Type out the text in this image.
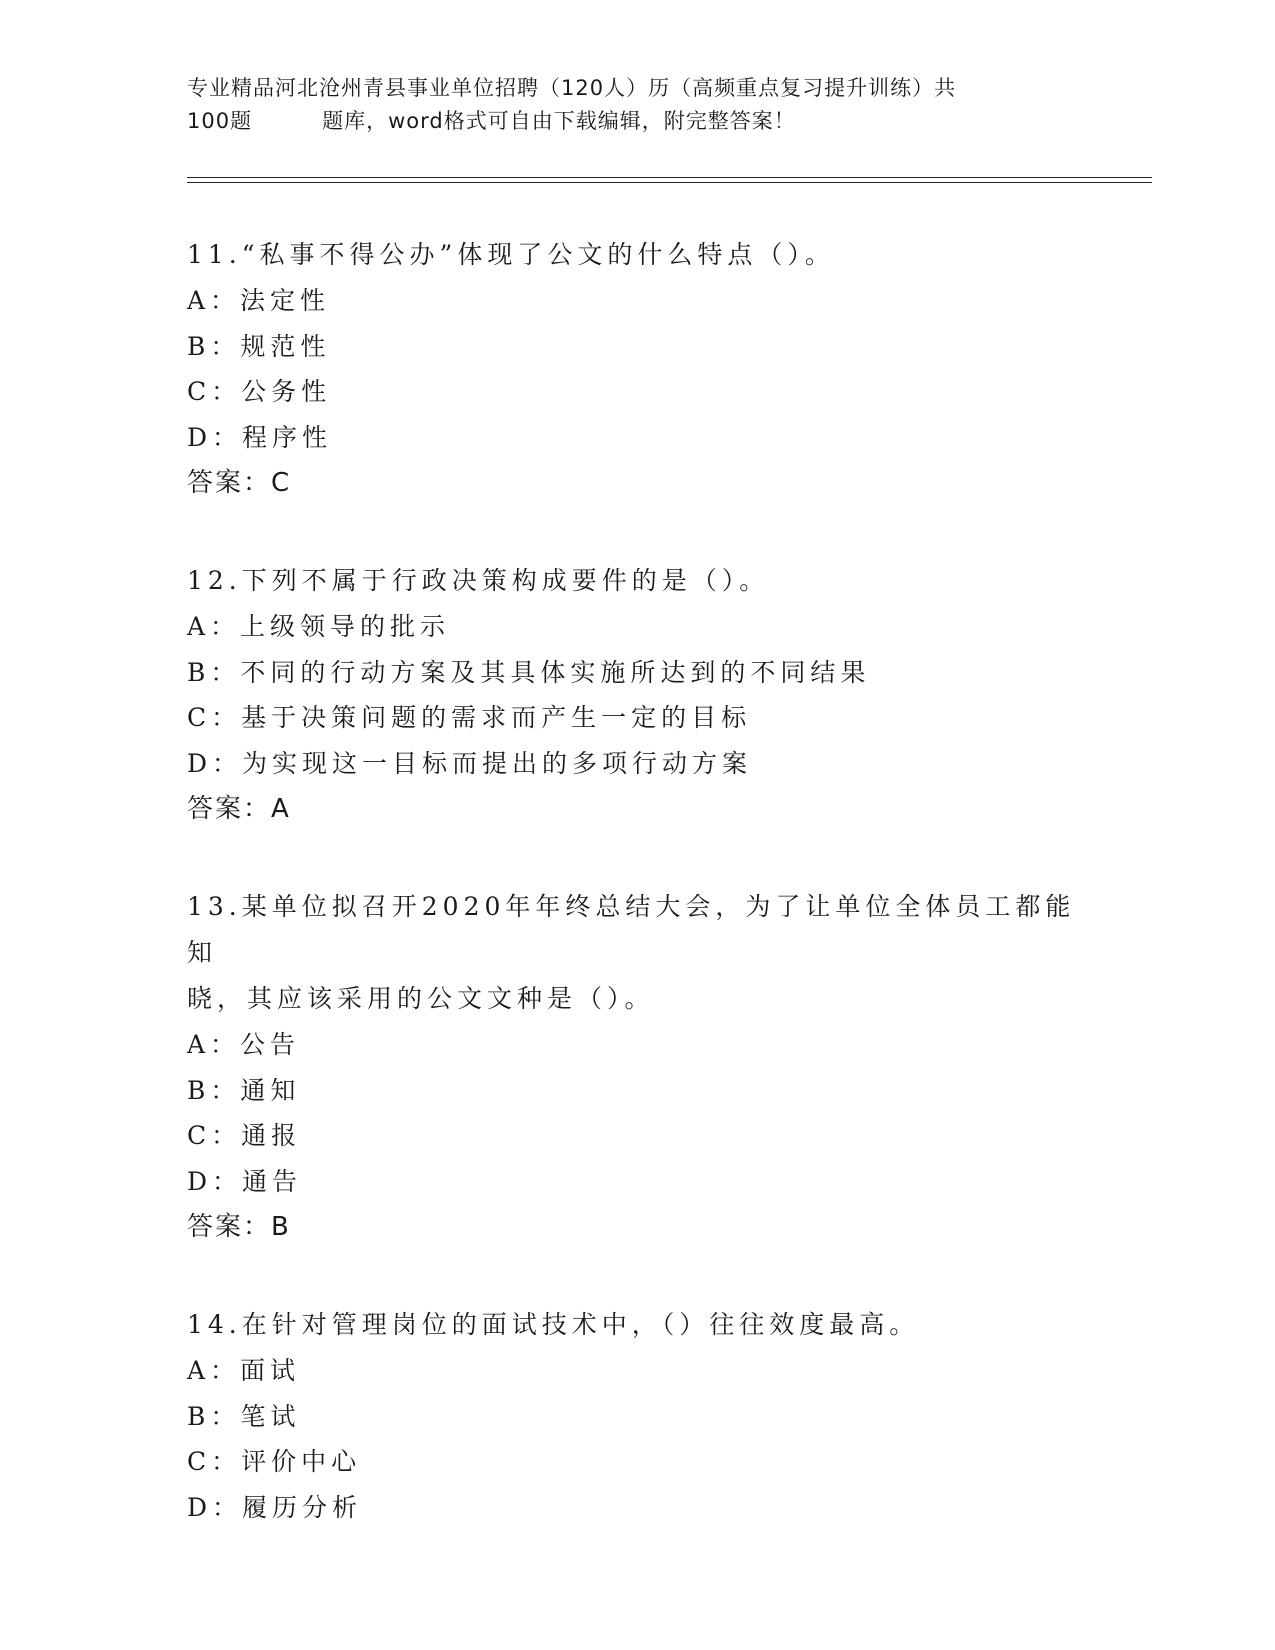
专业精品河北沧州青县事业单位招聘（120人）历（高频重点复习提升训练）共
100题	题库，word格式可自由下载编辑，附完整答案！
11.“私事不得公办”体现了公文的什么特点（）。
A：法定性
B：规范性
C：公务性
D：程序性
答案：C
12.下列不属于行政决策构成要件的是（）。
A：上级领导的批示
B：不同的行动方案及其具体实施所达到的不同结果
C：基于决策问题的需求而产生一定的目标
D：为实现这一目标而提出的多项行动方案
答案：A
13.某单位拟召开2020年年终总结大会，为了让单位全体员工都能知
晓，其应该采用的公文文种是（）。
A：公告
B：通知
C：通报
D：通告
答案：B
14.在针对管理岗位的面试技术中，（）往往效度最高。
A：面试
B：笔试
C：评价中心
D：履历分析
